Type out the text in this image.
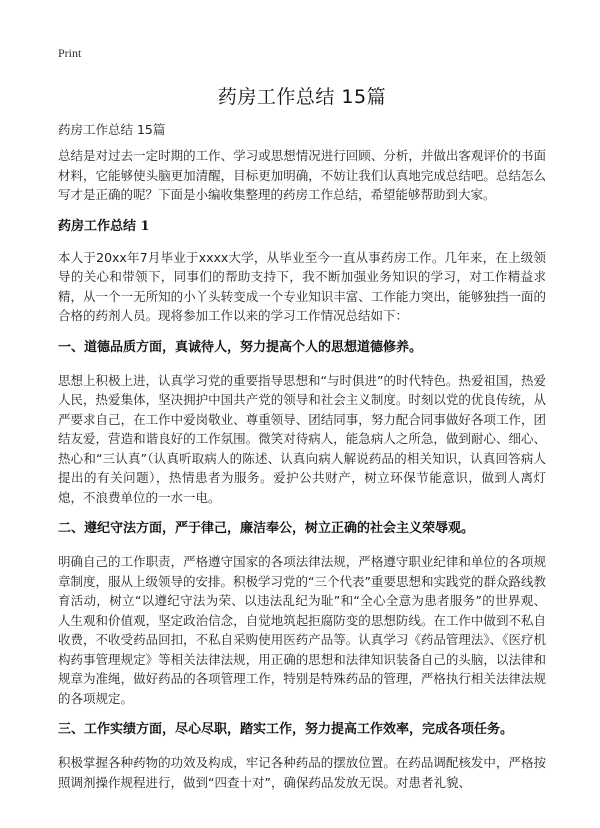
Print
药房工作总结 15篇
药房工作总结 15篇

总结是对过去一定时期的工作、学习或思想情况进行回顾、分析，并做出客观评价的书面材料，它能够使头脑更加清醒，目标更加明确，不妨让我们认真地完成总结吧。总结怎么写才是正确的呢？下面是小编收集整理的药房工作总结，希望能够帮助到大家。

药房工作总结 1

本人于20xx年7月毕业于xxxx大学，从毕业至今一直从事药房工作。几年来，在上级领导的关心和带领下，同事们的帮助支持下，我不断加强业务知识的学习，对工作精益求精，从一个一无所知的小丫头转变成一个专业知识丰富、工作能力突出，能够独挡一面的合格的药剂人员。现将参加工作以来的学习工作情况总结如下：

一、道德品质方面，真诚待人，努力提高个人的思想道德修养。

思想上积极上进，认真学习党的重要指导思想和“与时俱进”的时代特色。热爱祖国，热爱人民，热爱集体，坚决拥护中国共产党的领导和社会主义制度。时刻以党的优良传统，从严要求自己，在工作中爱岗敬业、尊重领导、团结同事，努力配合同事做好各项工作，团结友爱，营造和谐良好的工作氛围。微笑对待病人，能急病人之所急，做到耐心、细心、热心和“三认真”（认真听取病人的陈述、认真向病人解说药品的相关知识，认真回答病人提出的有关问题），热情患者为服务。爱护公共财产，树立环保节能意识，做到人离灯熄，不浪费单位的一水一电。

二、遵纪守法方面，严于律己，廉洁奉公，树立正确的社会主义荣辱观。

明确自己的工作职责，严格遵守国家的各项法律法规，严格遵守职业纪律和单位的各项规章制度，服从上级领导的安排。积极学习党的“三个代表”重要思想和实践党的群众路线教育活动，树立“以遵纪守法为荣、以违法乱纪为耻”和“全心全意为患者服务”的世界观、人生观和价值观，坚定政治信念，自觉地筑起拒腐防变的思想防线。在工作中做到不私自收费，不收受药品回扣，不私自采购使用医药产品等。认真学习《药品管理法》、《医疗机构药事管理规定》等相关法律法规，用正确的思想和法律知识装备自己的头脑，以法律和规章为准绳，做好药品的各项管理工作，特别是特殊药品的管理，严格执行相关法律法规的各项规定。

三、工作实绩方面，尽心尽职，踏实工作，努力提高工作效率，完成各项任务。

积极掌握各种药物的功效及构成，牢记各种药品的摆放位置。在药品调配核发中，严格按照调剂操作规程进行，做到“四查十对”，确保药品发放无误。对患者礼貌、
